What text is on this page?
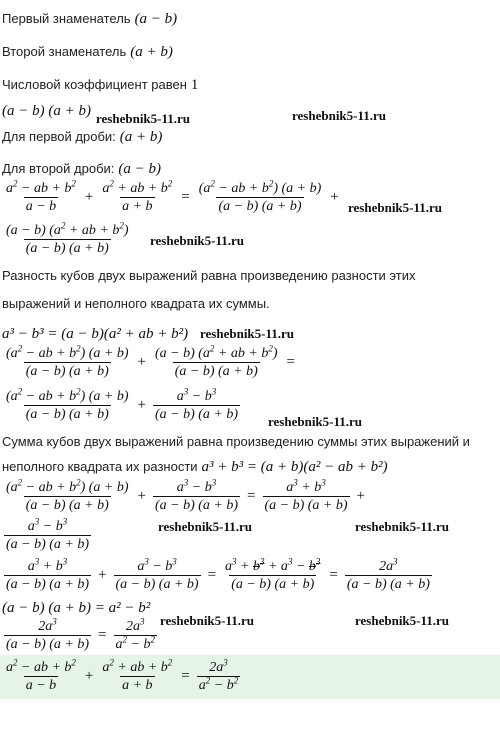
Первый знаменатель (a − b)
Второй знаменатель (a + b)
Числовой коэффициент равен 1
(a − b) (a + b)
Для первой дроби: (a + b)
Для второй дроби: (a − b)
$\frac{a^2 - ab + b^2}{a - b} + \frac{a^2 + ab + b^2}{a + b} = \frac{(a^2 - ab + b^2) (a + b)}{(a - b) (a + b)}$ +
$\frac{(a - b) (a^2 + ab + b^2)}{(a - b) (a + b)}$
Разность кубов двух выражений равна произведению разности этих
выражений и неполного квадрата их суммы.
a³ − b³ = (a − b)(a² + ab + b²)
$\frac{(a^2 - ab + b^2) (a + b)}{(a - b) (a + b)} + \frac{(a - b) (a^2 + ab + b^2)}{(a - b) (a + b)}$ =
$\frac{(a^2 - ab + b^2) (a + b)}{(a - b) (a + b)} + \frac{a^3 - b^3}{(a - b) (a + b)}$
Сумма кубов двух выражений равна произведению суммы этих выражений и
неполного квадрата их разности a³ + b³ = (a + b)(a² − ab + b²)
$\frac{(a^2 - ab + b^2) (a + b)}{(a - b) (a + b)} + \frac{a^3 - b^3}{(a - b) (a + b)} = \frac{a^3 + b^3}{(a - b) (a + b)}$ +
$\frac{a^3 - b^3}{(a - b) (a + b)}$
$\frac{a^3 + b^3}{(a - b) (a + b)} + \frac{a^3 - b^3}{(a - b) (a + b)} = \frac{a^3 + b^3 + a^3 - b^3}{(a - b) (a + b)} = \frac{2a^3}{(a - b) (a + b)}$
(a − b) (a + b) = a² − b²
$\frac{2a^3}{(a - b) (a + b)} = \frac{2a^3}{a^2 - b^2}$
$\frac{a^2 - ab + b^2}{a - b} + \frac{a^2 + ab + b^2}{a + b} = \frac{2a^3}{a^2 - b^2}$
reshebnik5-11.ru	reshebnik5-11.ru
reshebnik5-11.ru
reshebnik5-11.ru
reshebnik5-11.ru
reshebnik5-11.ru
reshebnik5-11.ru	reshebnik5-11.ru
reshebnik5-11.ru	reshebnik5-11.ru
